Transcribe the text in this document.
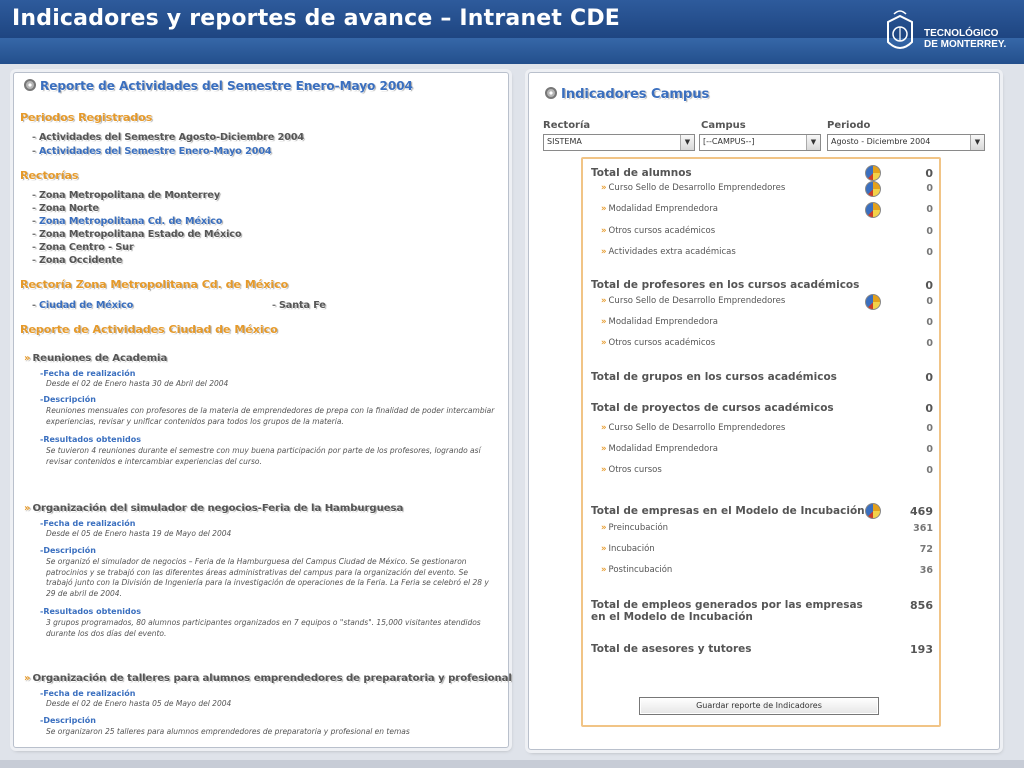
Indicadores y reportes de avance – Intranet CDE
TECNOLÓGICO
DE MONTERREY.
Reporte de Actividades del Semestre Enero-Mayo 2004
Periodos Registrados
- Actividades del Semestre Agosto-Diciembre 2004
- Actividades del Semestre Enero-Mayo 2004
Rectorías
- Zona Metropolitana de Monterrey
- Zona Norte
- Zona Metropolitana Cd. de México
- Zona Metropolitana Estado de México
- Zona Centro - Sur
- Zona Occidente
Rectoría Zona Metropolitana Cd. de México
- Ciudad de México	- Santa Fe
Reporte de Actividades Ciudad de México
» Reuniones de Academia
-Fecha de realización
Desde el 02 de Enero hasta 30 de Abril del 2004
-Descripción
Reuniones mensuales con profesores de la materia de emprendedores de prepa con la finalidad de poder intercambiar experiencias, revisar y unificar contenidos para todos los grupos de la materia.
-Resultados obtenidos
Se tuvieron 4 reuniones durante el semestre con muy buena participación por parte de los profesores, logrando así revisar contenidos e intercambiar experiencias del curso.
» Organización del simulador de negocios-Feria de la Hamburguesa
-Fecha de realización
Desde el 05 de Enero hasta 19 de Mayo del 2004
-Descripción
Se organizó el simulador de negocios – Feria de la Hamburguesa del Campus Ciudad de México. Se gestionaron patrocinios y se trabajó con las diferentes áreas administrativas del campus para la organización del evento. Se trabajó junto con la División de Ingeniería para la investigación de operaciones de la Feria. La Feria se celebró el 28 y 29 de abril de 2004.
-Resultados obtenidos
3 grupos programados, 80 alumnos participantes organizados en 7 equipos o "stands". 15,000 visitantes atendidos durante los dos días del evento.
» Organización de talleres para alumnos emprendedores de preparatoria y profesional
-Fecha de realización
Desde el 02 de Enero hasta 05 de Mayo del 2004
-Descripción
Se organizaron 25 talleres para alumnos emprendedores de preparatoria y profesional en temas
Indicadores Campus
Rectoría
SISTEMA	▼
Campus
[--CAMPUS--]	▼
Periodo
Agosto - Diciembre 2004	▼
Total de alumnos	0
» Curso Sello de Desarrollo Emprendedores	0
» Modalidad Emprendedora	0
» Otros cursos académicos	0
» Actividades extra académicas	0
Total de profesores en los cursos académicos	0
» Curso Sello de Desarrollo Emprendedores	0
» Modalidad Emprendedora	0
» Otros cursos académicos	0
Total de grupos en los cursos académicos	0
Total de proyectos de cursos académicos	0
» Curso Sello de Desarrollo Emprendedores	0
» Modalidad Emprendedora	0
» Otros cursos	0
Total de empresas en el Modelo de Incubación	469
» Preincubación	361
» Incubación	72
» Postincubación	36
Total de empleos generados por las empresas
en el Modelo de Incubación
856
Total de asesores y tutores	193
Guardar reporte de Indicadores
